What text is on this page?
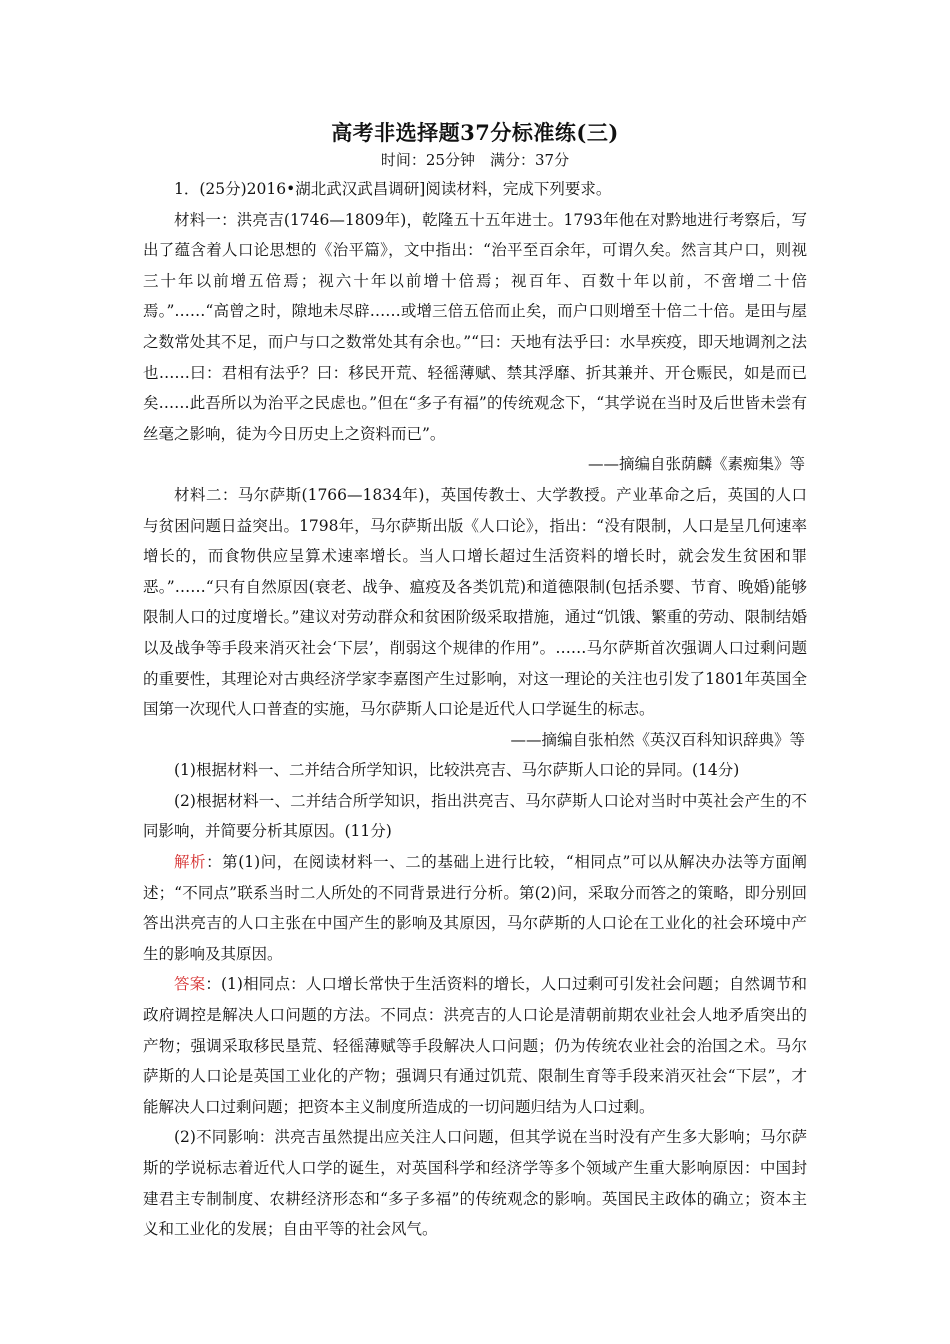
高考非选择题37分标准练(三)
时间：25分钟　满分：37分

1．(25分)2016•湖北武汉武昌调研]阅读材料，完成下列要求。

材料一：洪亮吉(1746—1809年)，乾隆五十五年进士。1793年他在对黔地进行考察后，写出了蕴含着人口论思想的《治平篇》，文中指出：“治平至百余年，可谓久矣。然言其户口，则视三十年以前增五倍焉；视六十年以前增十倍焉；视百年、百数十年以前，不啻增二十倍焉。”……“高曾之时，隙地未尽辟……或增三倍五倍而止矣，而户口则增至十倍二十倍。是田与屋之数常处其不足，而户与口之数常处其有余也。”“曰：天地有法乎曰：水旱疾疫，即天地调剂之法也……曰：君相有法乎？曰：移民开荒、轻徭薄赋、禁其浮靡、折其兼并、开仓赈民，如是而已矣……此吾所以为治平之民虑也。”但在“多子有福”的传统观念下，“其学说在当时及后世皆未尝有丝毫之影响，徒为今日历史上之资料而已”。

——摘编自张荫麟《素痴集》等

材料二：马尔萨斯(1766—1834年)，英国传教士、大学教授。产业革命之后，英国的人口与贫困问题日益突出。1798年，马尔萨斯出版《人口论》，指出：“没有限制，人口是呈几何速率增长的，而食物供应呈算术速率增长。当人口增长超过生活资料的增长时，就会发生贫困和罪恶。”……“只有自然原因(衰老、战争、瘟疫及各类饥荒)和道德限制(包括杀婴、节育、晚婚)能够限制人口的过度增长。”建议对劳动群众和贫困阶级采取措施，通过“饥饿、繁重的劳动、限制结婚以及战争等手段来消灭社会‘下层’，削弱这个规律的作用”。……马尔萨斯首次强调人口过剩问题的重要性，其理论对古典经济学家李嘉图产生过影响，对这一理论的关注也引发了1801年英国全国第一次现代人口普查的实施，马尔萨斯人口论是近代人口学诞生的标志。

——摘编自张柏然《英汉百科知识辞典》等

(1)根据材料一、二并结合所学知识，比较洪亮吉、马尔萨斯人口论的异同。(14分)

(2)根据材料一、二并结合所学知识，指出洪亮吉、马尔萨斯人口论对当时中英社会产生的不同影响，并简要分析其原因。(11分)

解析：第(1)问，在阅读材料一、二的基础上进行比较，“相同点”可以从解决办法等方面阐述；“不同点”联系当时二人所处的不同背景进行分析。第(2)问，采取分而答之的策略，即分别回答出洪亮吉的人口主张在中国产生的影响及其原因，马尔萨斯的人口论在工业化的社会环境中产生的影响及其原因。

答案：(1)相同点：人口增长常快于生活资料的增长，人口过剩可引发社会问题；自然调节和政府调控是解决人口问题的方法。不同点：洪亮吉的人口论是清朝前期农业社会人地矛盾突出的产物；强调采取移民垦荒、轻徭薄赋等手段解决人口问题；仍为传统农业社会的治国之术。马尔萨斯的人口论是英国工业化的产物；强调只有通过饥荒、限制生育等手段来消灭社会“下层”，才能解决人口过剩问题；把资本主义制度所造成的一切问题归结为人口过剩。

(2)不同影响：洪亮吉虽然提出应关注人口问题，但其学说在当时没有产生多大影响；马尔萨斯的学说标志着近代人口学的诞生，对英国科学和经济学等多个领域产生重大影响原因：中国封建君主专制制度、农耕经济形态和“多子多福”的传统观念的影响。英国民主政体的确立；资本主义和工业化的发展；自由平等的社会风气。
